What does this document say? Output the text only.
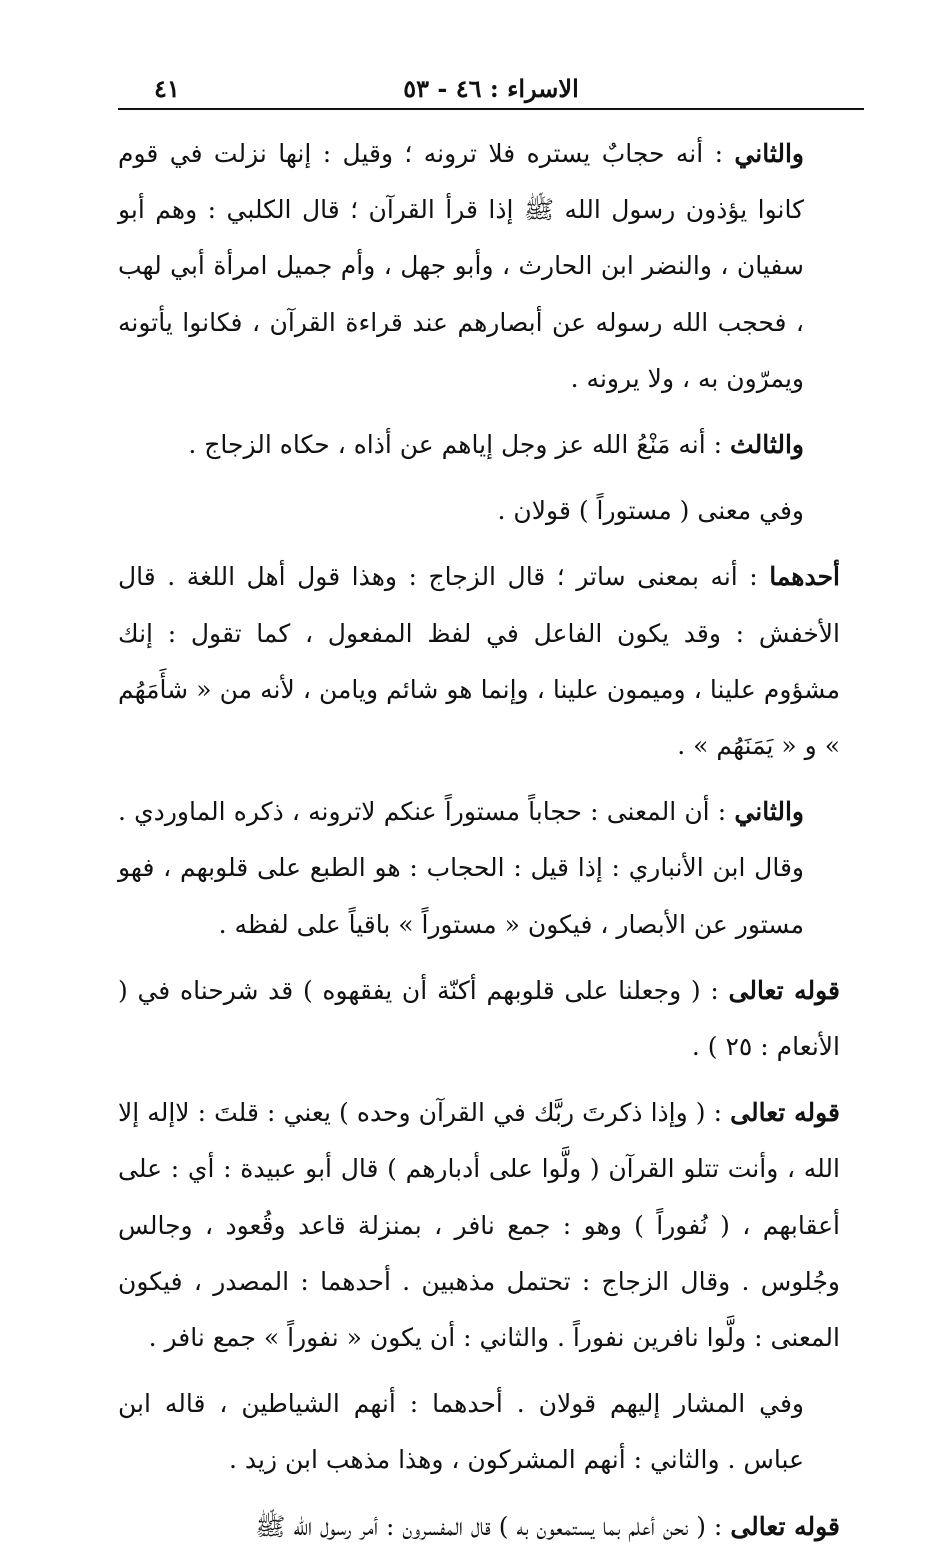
الاسراء : ٤٦ - ٥٣
٤١

والثاني : أنه حجابٌ يستره فلا ترونه ؛ وقيل : إنها نزلت في قوم كانوا يؤذون رسول الله ﷺ إذا قرأ القرآن ؛ قال الكلبي : وهم أبو سفيان ، والنضر ابن الحارث ، وأبو جهل ، وأم جميل امرأة أبي لهب ، فحجب الله رسوله عن أبصارهم عند قراءة القرآن ، فكانوا يأتونه ويمرّون به ، ولا يرونه .

والثالث : أنه مَنْعُ الله عز وجل إياهم عن أذاه ، حكاه الزجاج .

وفي معنى ( مستوراً ) قولان .

أحدهما : أنه بمعنى ساتر ؛ قال الزجاج : وهذا قول أهل اللغة . قال الأخفش : وقد يكون الفاعل في لفظ المفعول ، كما تقول : إنك مشؤوم علينا ، وميمون علينا ، وإنما هو شائم ويامن ، لأنه من « شأَمَهُم » و « يَمَنَهُم » .

والثاني : أن المعنى : حجاباً مستوراً عنكم لاترونه ، ذكره الماوردي . وقال ابن الأنباري : إذا قيل : الحجاب : هو الطبع على قلوبهم ، فهو مستور عن الأبصار ، فيكون « مستوراً » باقياً على لفظه .

قوله تعالى : ( وجعلنا على قلوبهم أكنّة أن يفقهوه ) قد شرحناه في ( الأنعام : ٢٥ ) .

قوله تعالى : ( وإذا ذكرتَ ربَّك في القرآن وحده ) يعني : قلتَ : لاإله إلا الله ، وأنت تتلو القرآن ( ولَّوا على أدبارهم ) قال أبو عبيدة : أي : على أعقابهم ، ( نُفوراً ) وهو : جمع نافر ، بمنزلة قاعد وقُعود ، وجالس وجُلوس . وقال الزجاج : تحتمل مذهبين . أحدهما : المصدر ، فيكون المعنى : ولَّوا نافرين نفوراً . والثاني : أن يكون « نفوراً » جمع نافر .

وفي المشار إليهم قولان . أحدهما : أنهم الشياطين ، قاله ابن عباس . والثاني : أنهم المشركون ، وهذا مذهب ابن زيد .

قوله تعالى : ( نحن أعلم بما يستمعون به ) قال المفسرون : أمر رسول الله ﷺ
